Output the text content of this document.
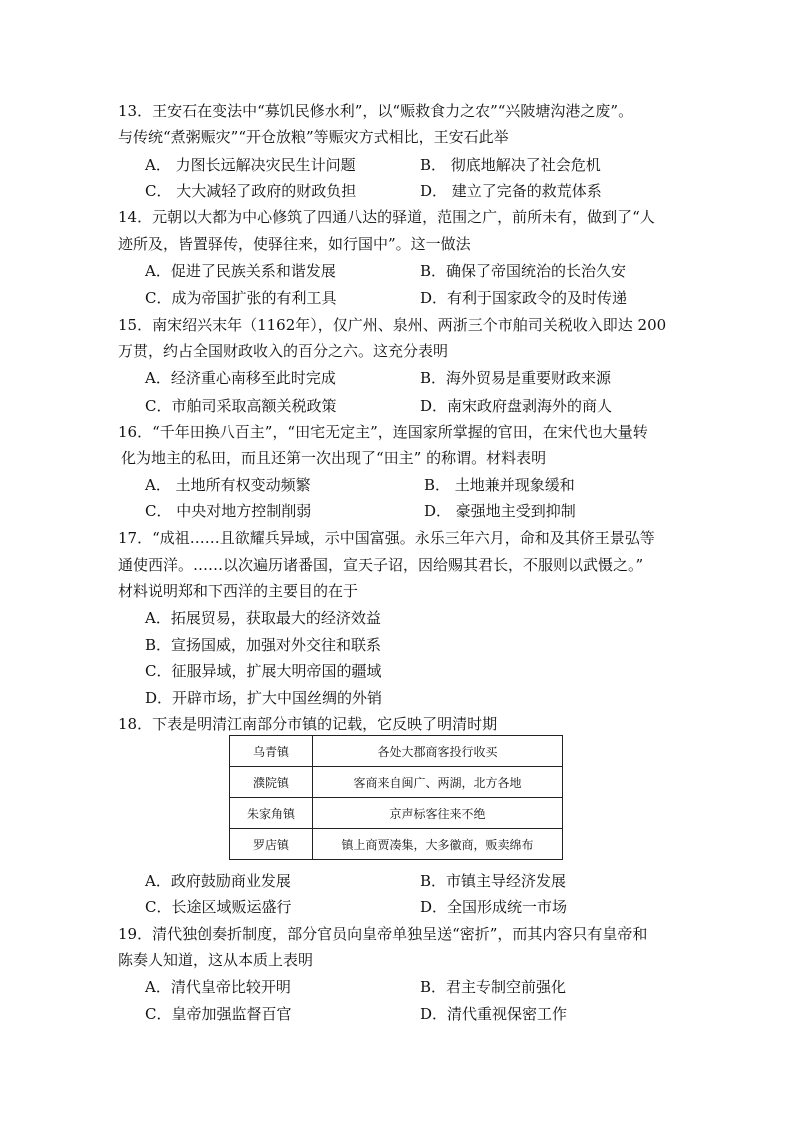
13．王安石在变法中“募饥民修水利”，以“赈救食力之农”“兴陂塘沟港之废”。
与传统“煮粥赈灾”“开仓放粮”等赈灾方式相比，王安石此举
A． 力图长远解决灾民生计问题	B． 彻底地解决了社会危机
C． 大大减轻了政府的财政负担	D． 建立了完备的救荒体系
14．元朝以大都为中心修筑了四通八达的驿道，范围之广，前所未有，做到了“人
迹所及，皆置驿传，使驿往来，如行国中”。这一做法
A．促进了民族关系和谐发展	B．确保了帝国统治的长治久安
C．成为帝国扩张的有利工具	D．有利于国家政令的及时传递
15．南宋绍兴末年（1162年），仅广州、泉州、两浙三个市舶司关税收入即达 200
万贯，约占全国财政收入的百分之六。这充分表明
A．经济重心南移至此时完成	B．海外贸易是重要财政来源
C．市舶司采取高额关税政策	D．南宋政府盘剥海外的商人
16．“千年田换八百主”，“田宅无定主”，连国家所掌握的官田，在宋代也大量转
化为地主的私田，而且还第一次出现了“田主” 的称谓。材料表明
A． 土地所有权变动频繁	B． 土地兼并现象缓和
C． 中央对地方控制削弱	D． 豪强地主受到抑制
17．“成祖……且欲耀兵异域，示中国富强。永乐三年六月，命和及其侪王景弘等
通使西洋。……以次遍历诸番国，宣天子诏，因给赐其君长，不服则以武慑之。”
材料说明郑和下西洋的主要目的在于
A．拓展贸易，获取最大的经济效益
B．宣扬国威，加强对外交往和联系
C．征服异域，扩展大明帝国的疆域
D．开辟市场，扩大中国丝绸的外销
18．下表是明清江南部分市镇的记载，它反映了明清时期
乌青镇	各处大郡商客投行收买
濮院镇	客商来自闽广、两湖，北方各地
朱家角镇	京声标客往来不绝
罗店镇	镇上商贾凑集，大多徽商，贩卖绵布
A．政府鼓励商业发展	B．市镇主导经济发展
C．长途区域贩运盛行	D．全国形成统一市场
19．清代独创奏折制度，部分官员向皇帝单独呈送“密折”，而其内容只有皇帝和
陈奏人知道，这从本质上表明
A．清代皇帝比较开明	B．君主专制空前强化
C．皇帝加强监督百官	D．清代重视保密工作
